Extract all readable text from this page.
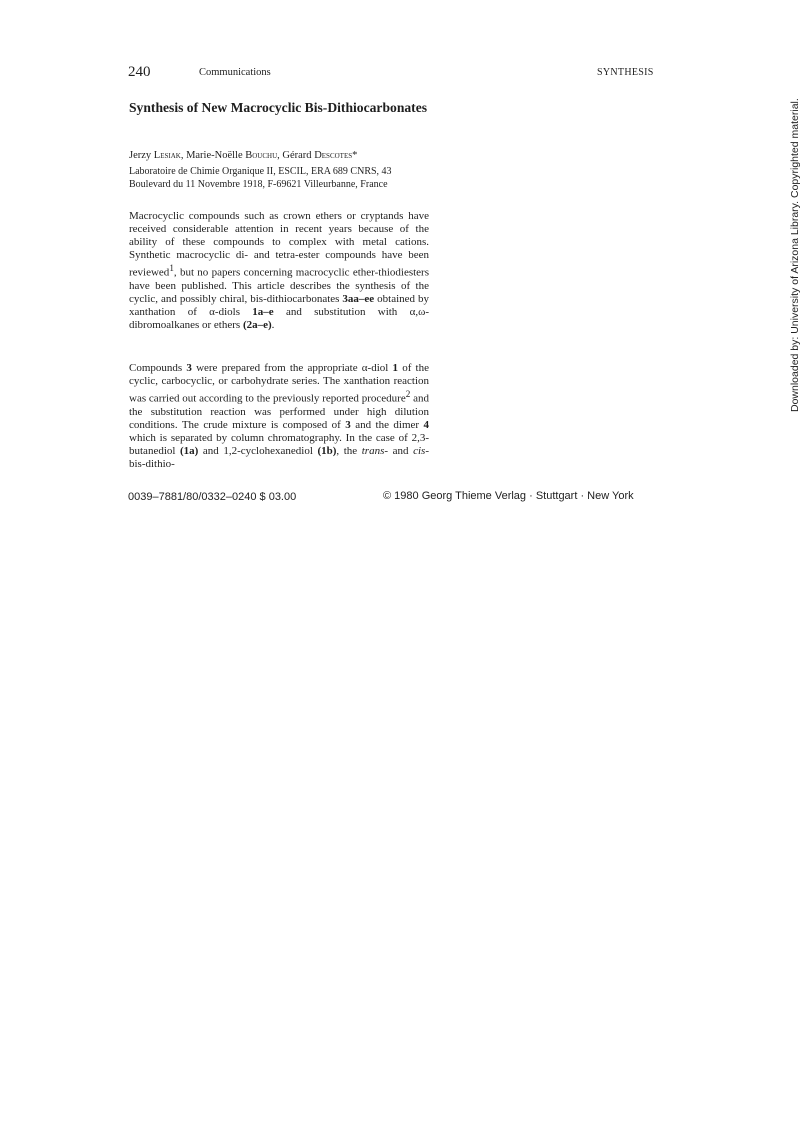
240	Communications	SYNTHESIS
Synthesis of New Macrocyclic Bis-Dithiocarbonates
Jerzy Lesiak, Marie-Noëlle Bouchu, Gérard Descotes*
Laboratoire de Chimie Organique II, ESCIL, ERA 689 CNRS, 43
Boulevard du 11 Novembre 1918, F-69621 Villeurbanne, France

Macrocyclic compounds such as crown ethers or cryptands have received considerable attention in recent years because of the ability of these compounds to complex with metal cations. Synthetic macrocyclic di- and tetra-ester compounds have been reviewed$^1$, but no papers concerning macrocyclic ether-thiodiesters have been published. This article describes the synthesis of the cyclic, and possibly chiral, bis-dithiocarbonates 3aa–ee obtained by xanthation of α-diols 1a–e and substitution with α,ω-dibromoalkanes or ethers (2a–e).

Compounds 3 were prepared from the appropriate α-diol 1 of the cyclic, carbocyclic, or carbohydrate series. The xanthation reaction was carried out according to the previously reported procedure$^2$ and the substitution reaction was performed under high dilution conditions. The crude mixture is composed of 3 and the dimer 4 which is separated by column chromatography. In the case of 2,3-butanediol (1a) and 1,2-cyclohexanediol (1b), the trans- and cis-bis-dithio-

0039–7881/80/0332–0240 $ 03.00	© 1980 Georg Thieme Verlag · Stuttgart · New York
Downloaded by: University of Arizona Library. Copyrighted material.
